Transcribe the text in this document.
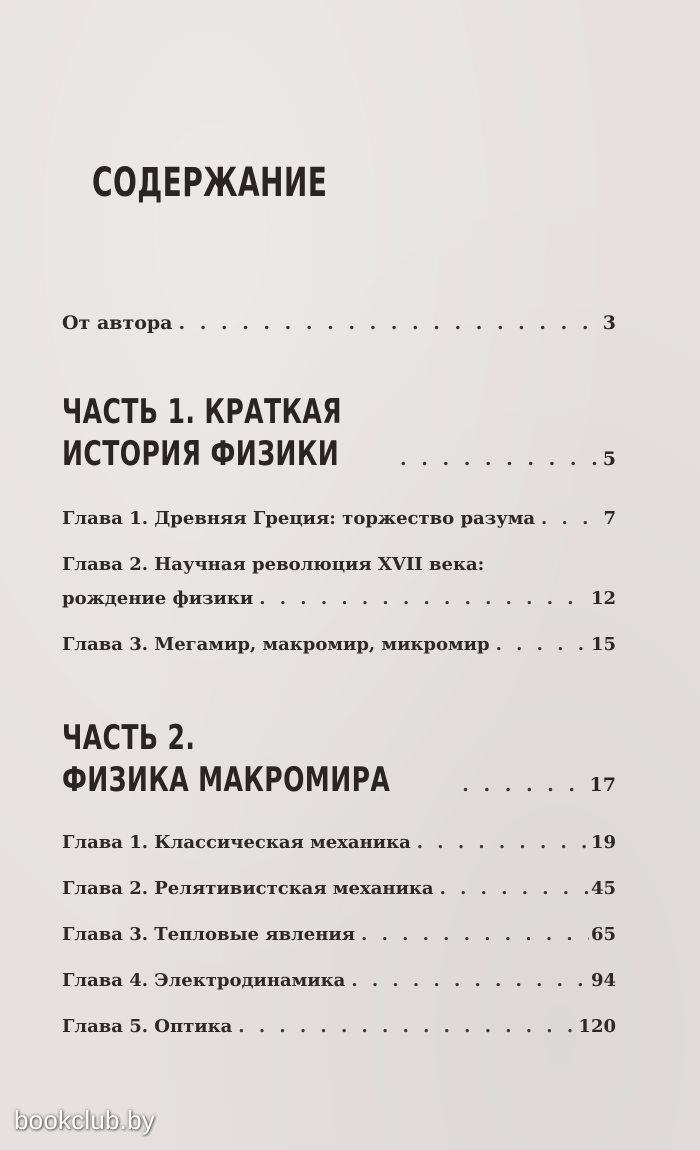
СОДЕРЖАНИЕ
От автора . . .	3
ЧАСТЬ 1. КРАТКАЯ
ИСТОРИЯ ФИЗИКИ . . .	5
Глава 1. Древняя Греция: торжество разума . . .	7
Глава 2. Научная революция XVII века:
рождение физики . . .	12
Глава 3. Мегамир, макромир, микромир . . .	15
ЧАСТЬ 2.
ФИЗИКА МАКРОМИРА . . .	17
Глава 1. Классическая механика . . .	19
Глава 2. Релятивистская механика . . .	45
Глава 3. Тепловые явления . . .	65
Глава 4. Электродинамика . . .	94
Глава 5. Оптика . . .	120
bookclub.by
